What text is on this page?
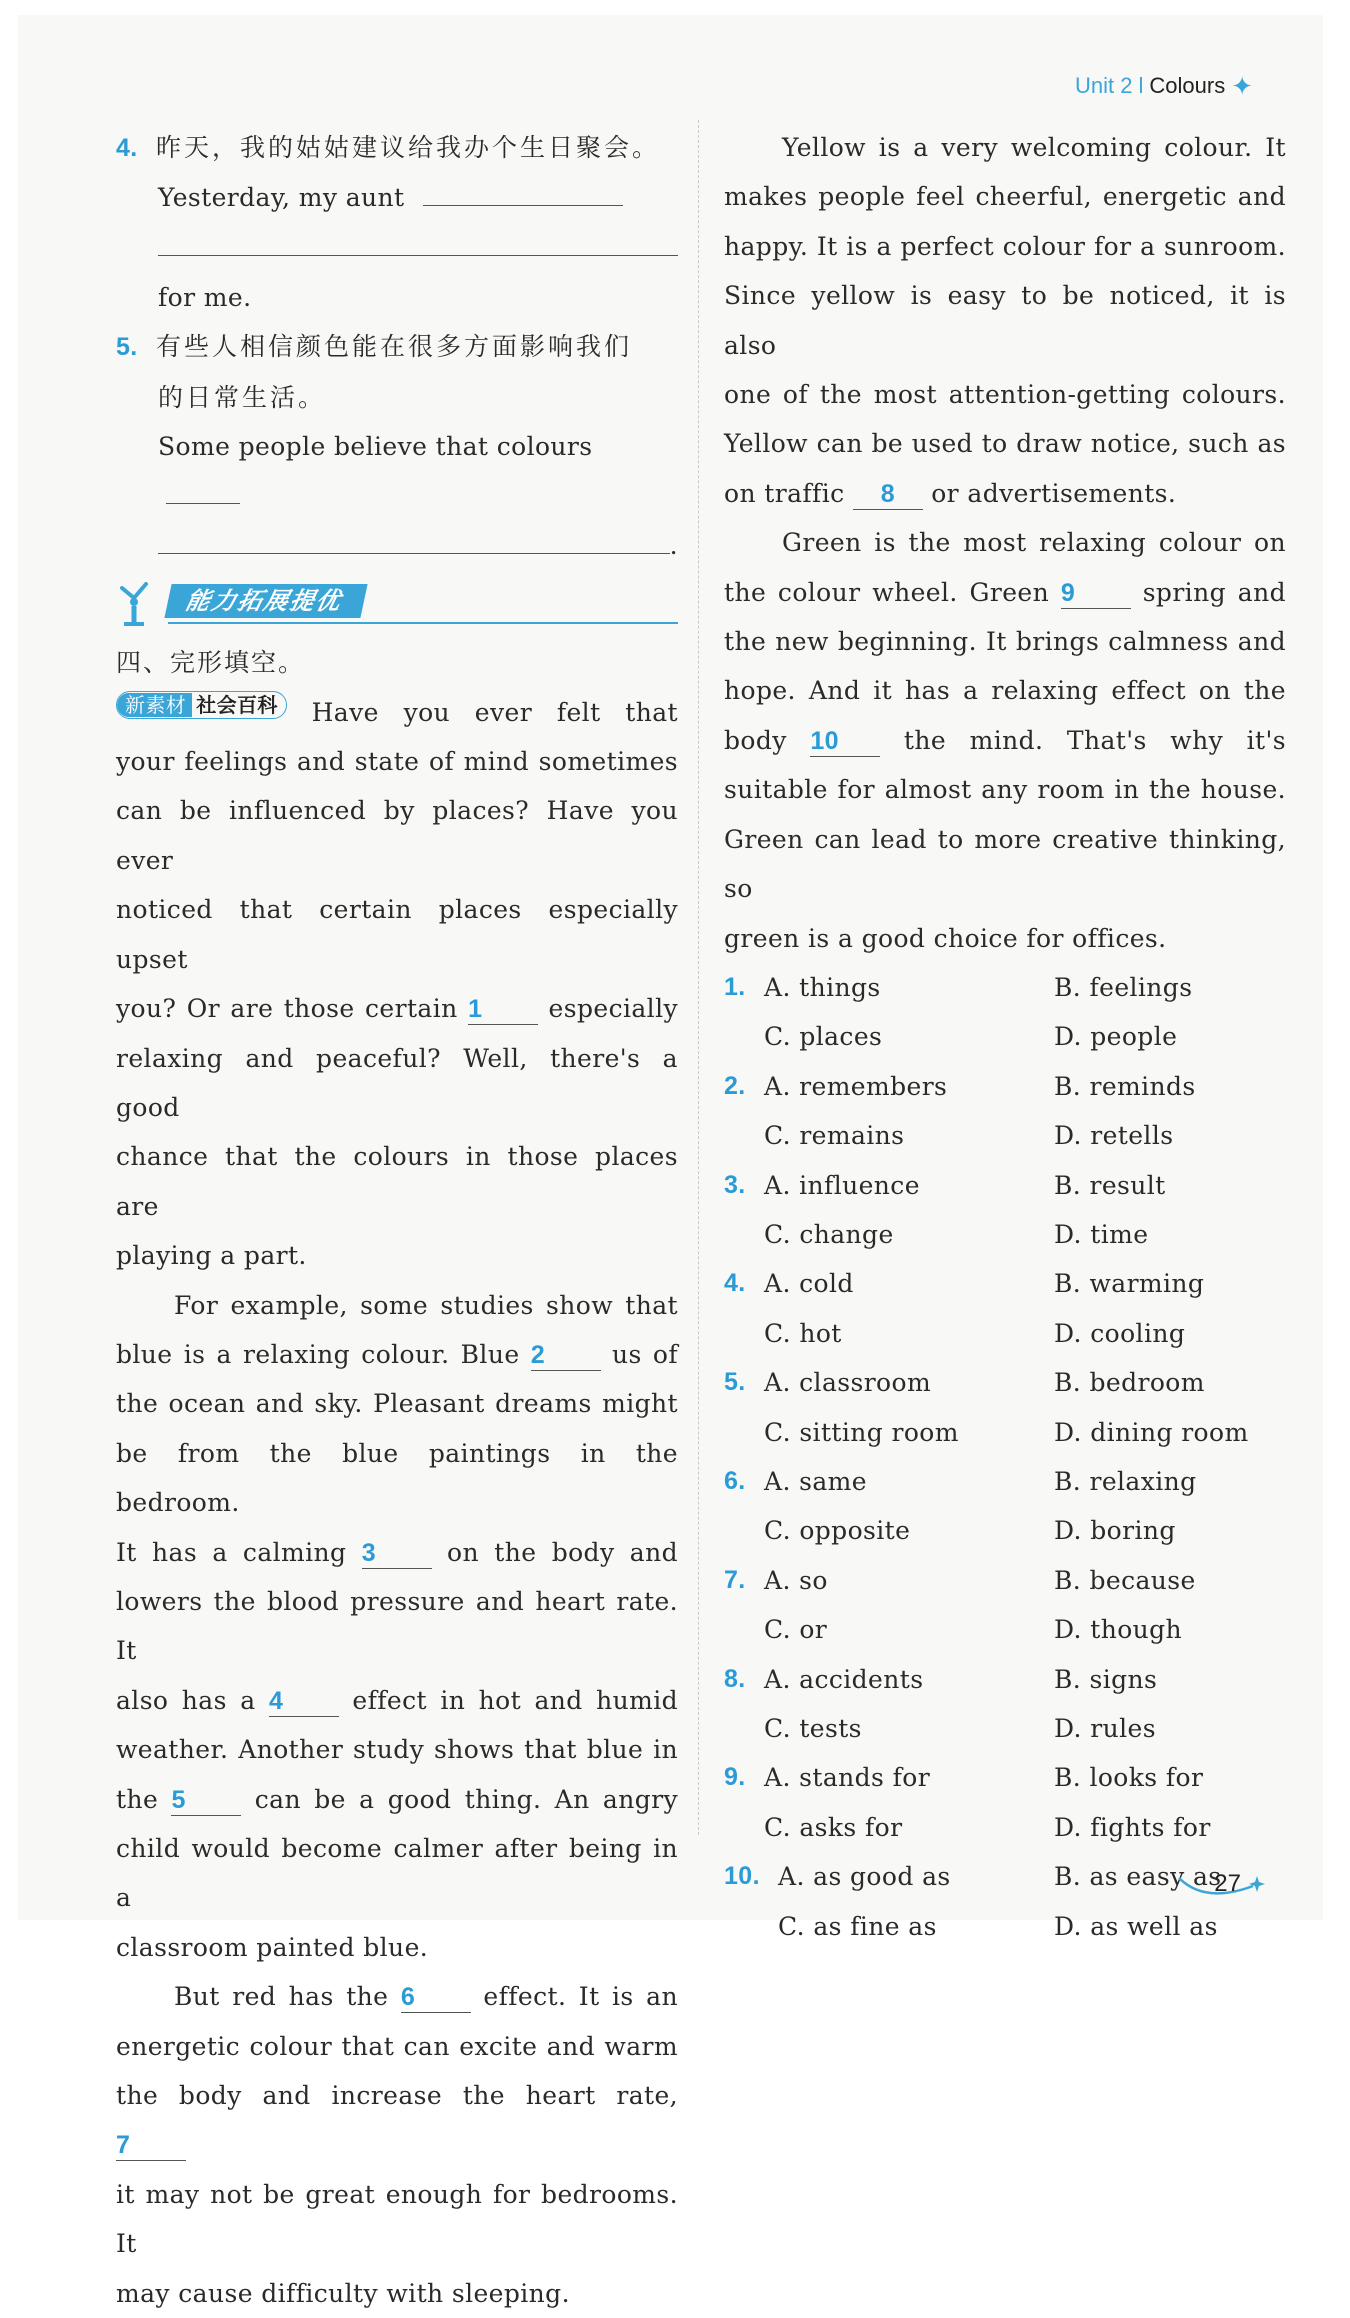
Unit 2 l Colours ✦
4. 昨天，我的姑姑建议给我办个生日聚会。
Yesterday, my aunt
for me.
5. 有些人相信颜色能在很多方面影响我们
的日常生活。
Some people believe that colours
.
能力拓展提优
四、完形填空。
新素材 社会百科 Have you ever felt that
your feelings and state of mind sometimes
can be influenced by places? Have you ever
noticed that certain places especially upset
you? Or are those certain 1	especially
relaxing and peaceful? Well, there's a good
chance that the colours in those places are
playing a part.
For example, some studies show that
blue is a relaxing colour. Blue 2	us of
the ocean and sky. Pleasant dreams might
be from the blue paintings in the bedroom.
It has a calming 3	on the body and
lowers the blood pressure and heart rate. It
also has a 4	effect in hot and humid
weather. Another study shows that blue in
the 5	can be a good thing. An angry
child would become calmer after being in a
classroom painted blue.
But red has the 6	effect. It is an
energetic colour that can excite and warm
the body and increase the heart rate, 7
it may not be great enough for bedrooms. It
may cause difficulty with sleeping.
Yellow is a very welcoming colour. It
makes people feel cheerful, energetic and
happy. It is a perfect colour for a sunroom.
Since yellow is easy to be noticed, it is also
one of the most attention-getting colours.
Yellow can be used to draw notice, such as
on traffic 8 or advertisements.
Green is the most relaxing colour on
the colour wheel. Green 9	spring and
the new beginning. It brings calmness and
hope. And it has a relaxing effect on the
body 10	the mind. That's why it's
suitable for almost any room in the house.
Green can lead to more creative thinking, so
green is a good choice for offices.
1. A. things	B. feelings
C. places	D. people
2. A. remembers	B. reminds
C. remains	D. retells
3. A. influence	B. result
C. change	D. time
4. A. cold	B. warming
C. hot	D. cooling
5. A. classroom	B. bedroom
C. sitting room	D. dining room
6. A. same	B. relaxing
C. opposite	D. boring
7. A. so	B. because
C. or	D. though
8. A. accidents	B. signs
C. tests	D. rules
9. A. stands for	B. looks for
C. asks for	D. fights for
10. A. as good as	B. as easy as
C. as fine as	D. as well as
27
